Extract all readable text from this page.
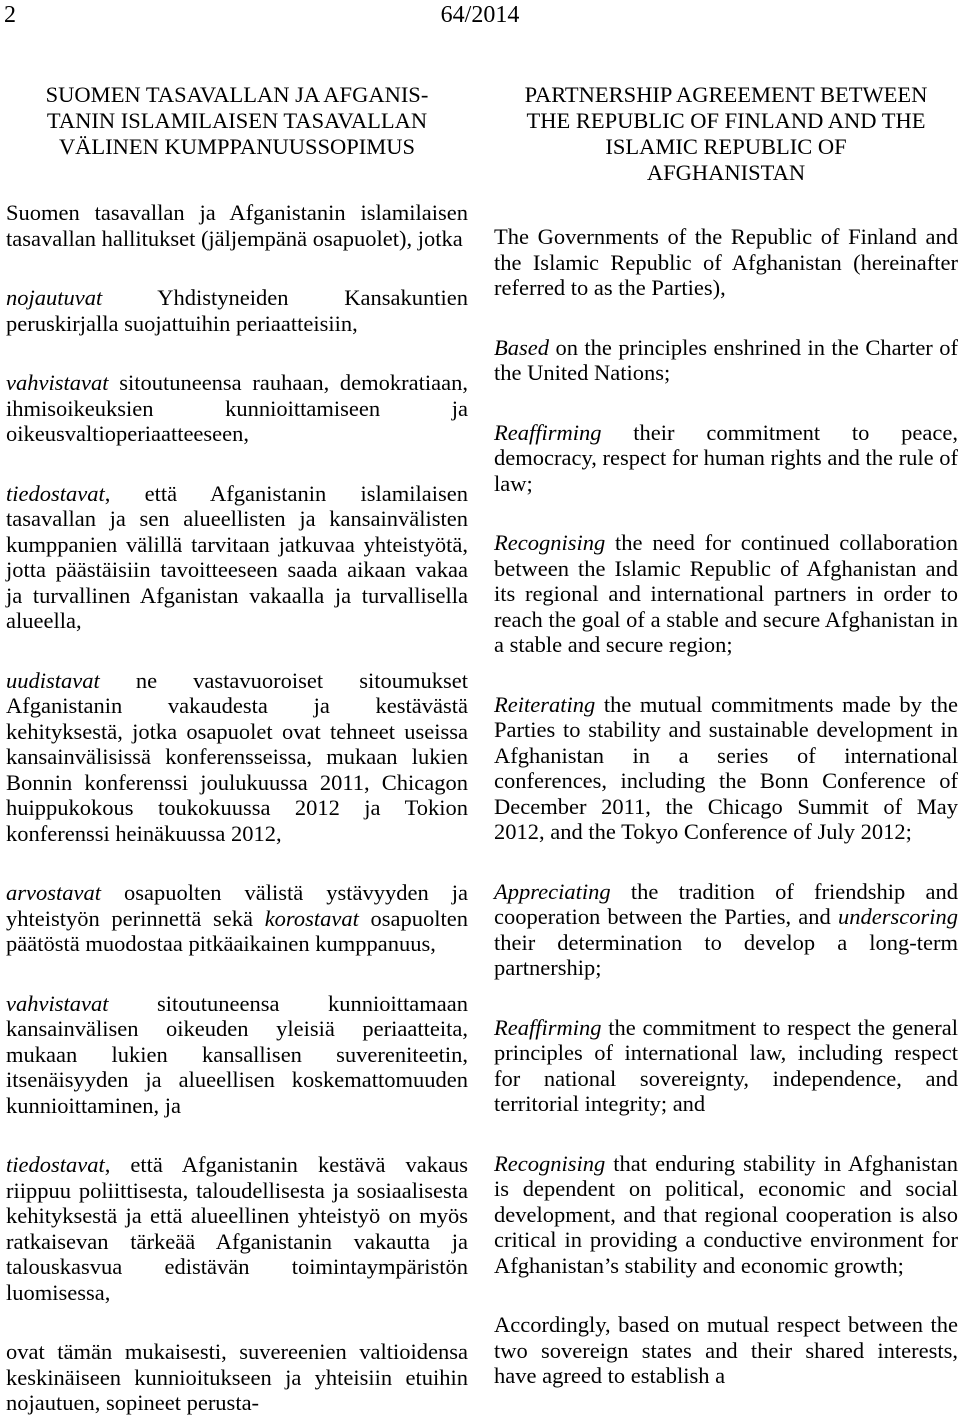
2	64/2014
SUOMEN TASAVALLAN JA AFGANIS-
TANIN ISLAMILAISEN TASAVALLAN
VÄLINEN KUMPPANUUSSOPIMUS

Suomen tasavallan ja Afganistanin islamilaisen tasavallan hallitukset (jäljempänä osapuolet), jotka

nojautuvat Yhdistyneiden Kansakuntien peruskirjalla suojattuihin periaatteisiin,

vahvistavat sitoutuneensa rauhaan, demokratiaan, ihmisoikeuksien kunnioittamiseen ja oikeusvaltioperiaatteeseen,

tiedostavat, että Afganistanin islamilaisen tasavallan ja sen alueellisten ja kansainvälisten kumppanien välillä tarvitaan jatkuvaa yhteistyötä, jotta päästäisiin tavoitteeseen saada aikaan vakaa ja turvallinen Afganistan vakaalla ja turvallisella alueella,

uudistavat ne vastavuoroiset sitoumukset Afganistanin vakaudesta ja kestävästä kehityksestä, jotka osapuolet ovat tehneet useissa kansainvälisissä konferensseissa, mukaan lukien Bonnin konferenssi joulukuussa 2011, Chicagon huippukokous toukokuussa 2012 ja Tokion konferenssi heinäkuussa 2012,

arvostavat osapuolten välistä ystävyyden ja yhteistyön perinnettä sekä korostavat osapuolten päätöstä muodostaa pitkäaikainen kumppanuus,

vahvistavat sitoutuneensa kunnioittamaan kansainvälisen oikeuden yleisiä periaatteita, mukaan lukien kansallisen suvereniteetin, itsenäisyyden ja alueellisen koskemattomuuden kunnioittaminen, ja

tiedostavat, että Afganistanin kestävä vakaus riippuu poliittisesta, taloudellisesta ja sosiaalisesta kehityksestä ja että alueellinen yhteistyö on myös ratkaisevan tärkeää Afganistanin vakautta ja talouskasvua edistävän toimintaympäristön luomisessa,

ovat tämän mukaisesti, suvereenien valtioidensa keskinäiseen kunnioitukseen ja yhteisiin etuihin nojautuen, sopineet perusta-

PARTNERSHIP AGREEMENT BETWEEN
THE REPUBLIC OF FINLAND AND THE
ISLAMIC REPUBLIC OF
AFGHANISTAN

The Governments of the Republic of Finland and the Islamic Republic of Afghanistan (hereinafter referred to as the Parties),

Based on the principles enshrined in the Charter of the United Nations;

Reaffirming their commitment to peace, democracy, respect for human rights and the rule of law;

Recognising the need for continued collaboration between the Islamic Republic of Afghanistan and its regional and international partners in order to reach the goal of a stable and secure Afghanistan in a stable and secure region;

Reiterating the mutual commitments made by the Parties to stability and sustainable development in Afghanistan in a series of international conferences, including the Bonn Conference of December 2011, the Chicago Summit of May 2012, and the Tokyo Conference of July 2012;

Appreciating the tradition of friendship and cooperation between the Parties, and underscoring their determination to develop a long-term partnership;

Reaffirming the commitment to respect the general principles of international law, including respect for national sovereignty, independence, and territorial integrity; and

Recognising that enduring stability in Afghanistan is dependent on political, economic and social development, and that regional cooperation is also critical in providing a conductive environment for Afghanistan’s stability and economic growth;

Accordingly, based on mutual respect between the two sovereign states and their shared interests, have agreed to establish a
